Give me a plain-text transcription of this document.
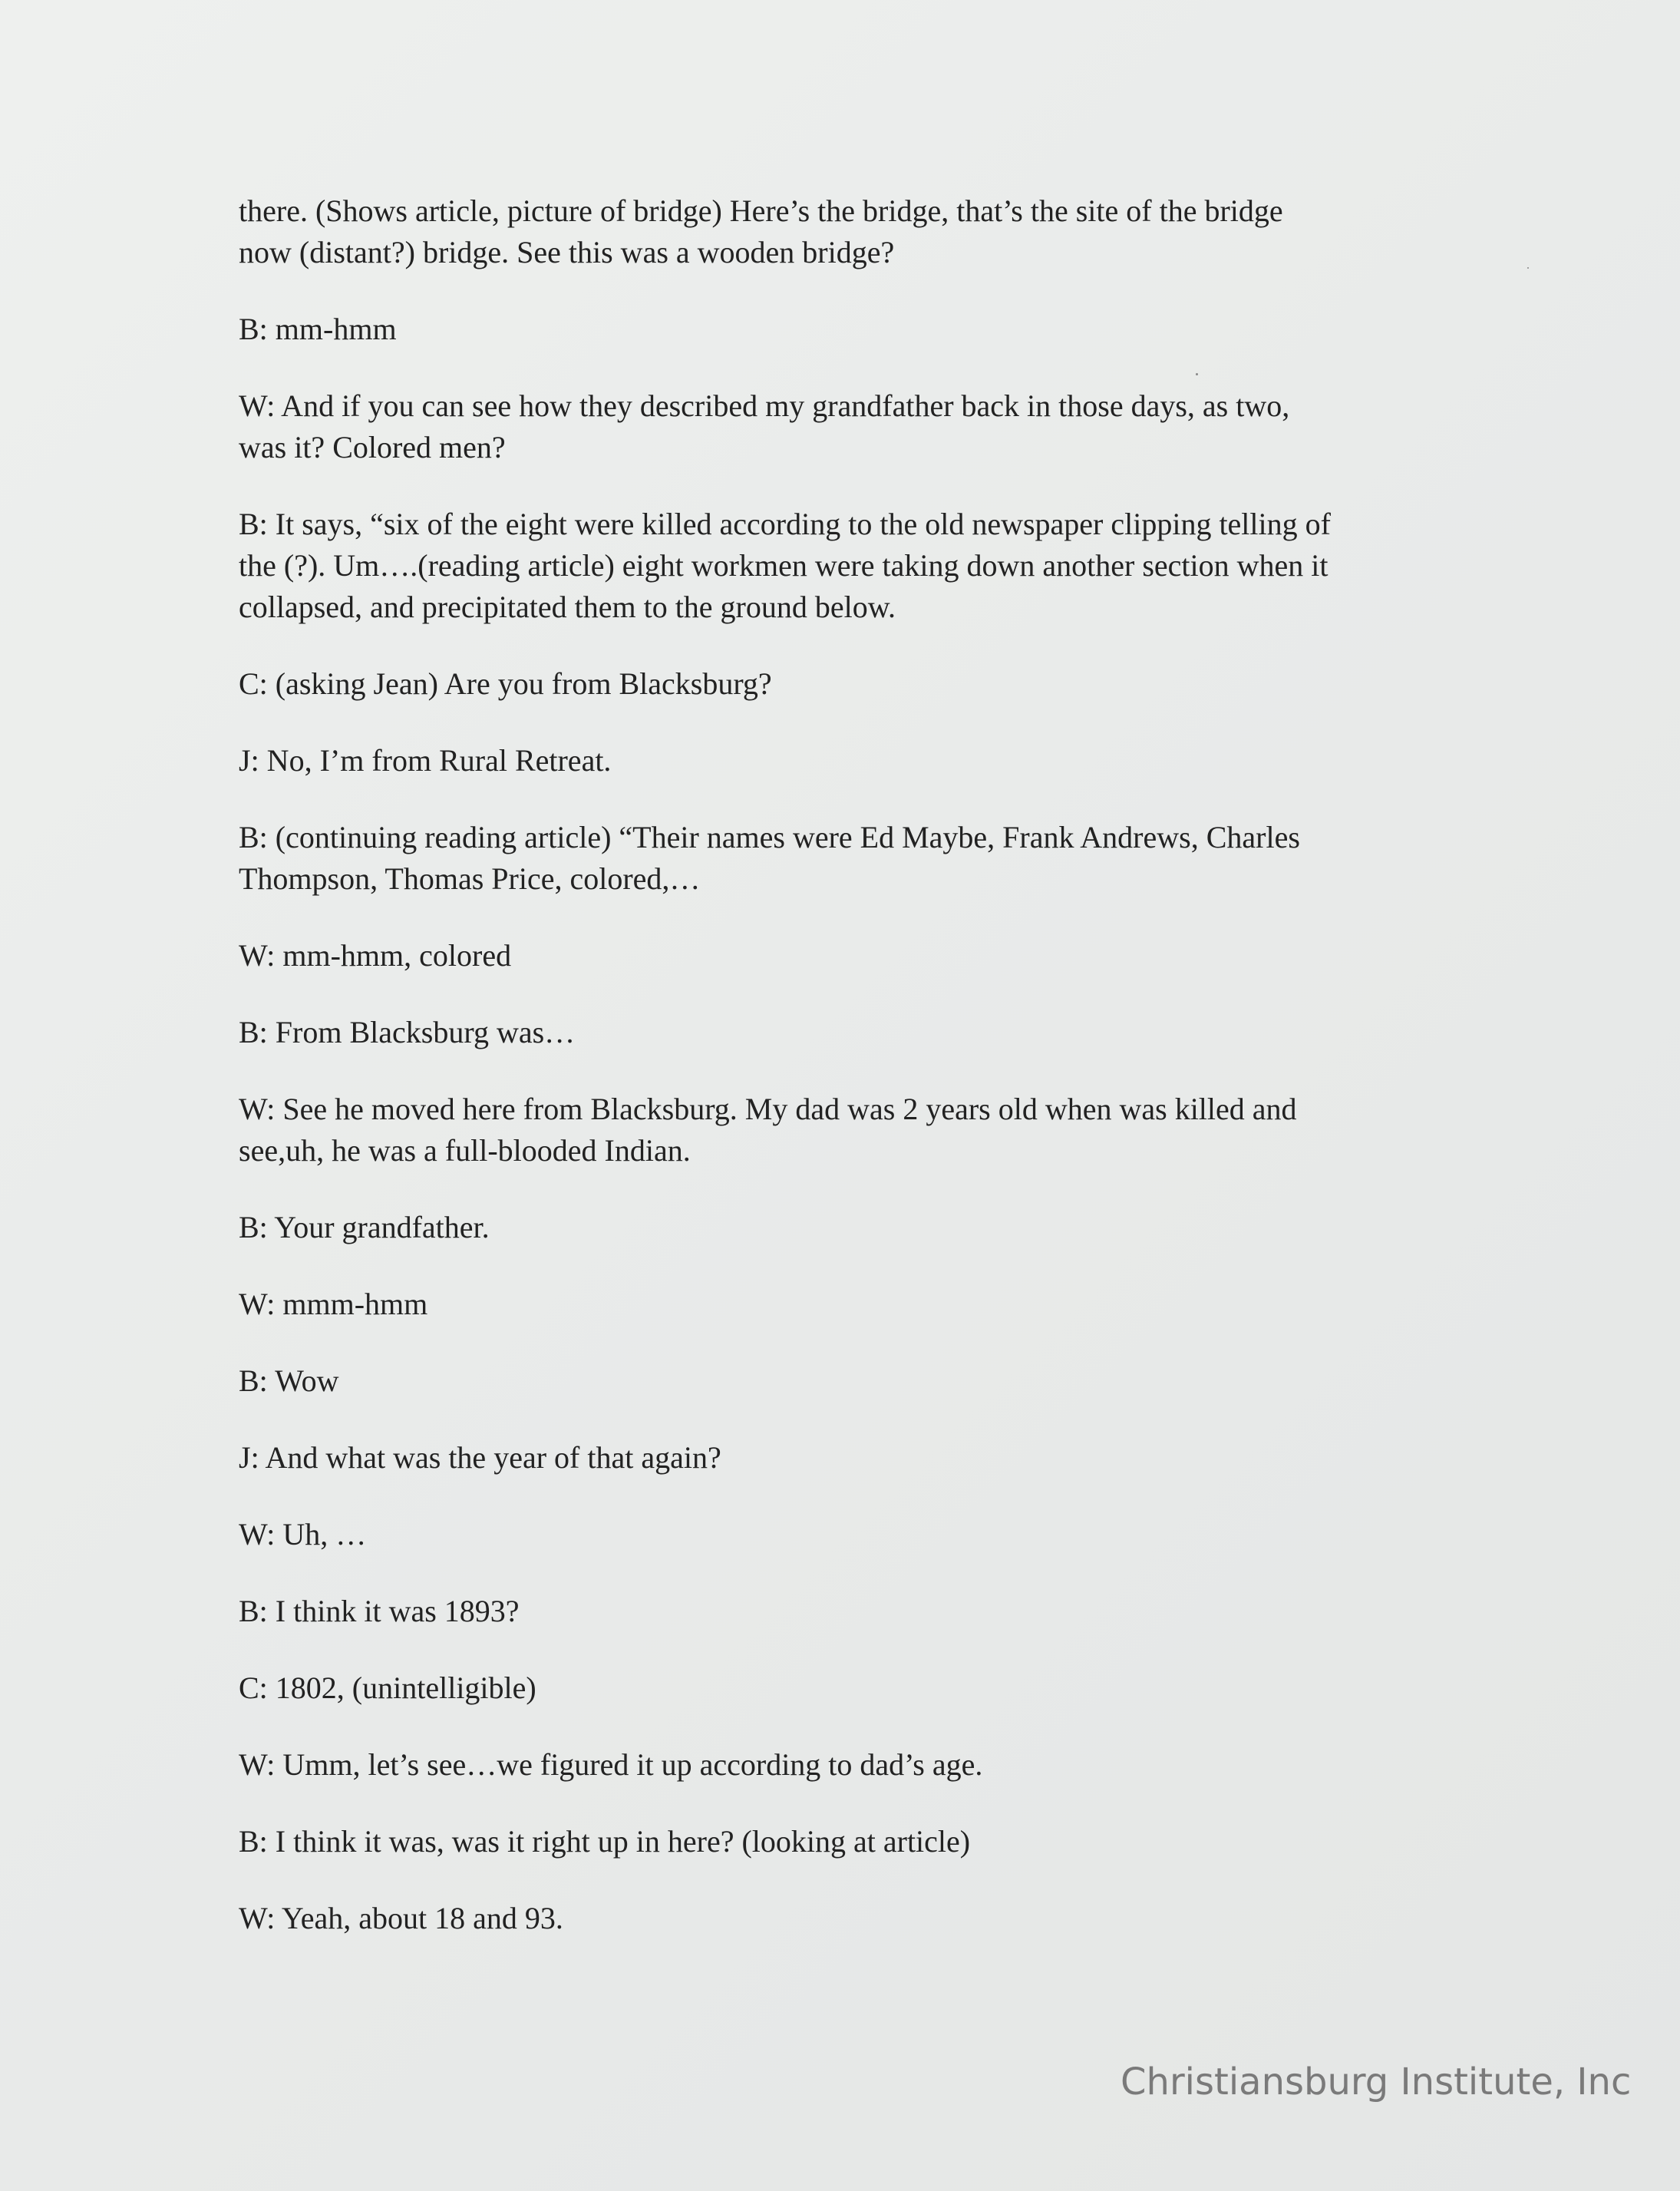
there. (Shows article, picture of bridge) Here’s the bridge, that’s the site of the bridge
now (distant?) bridge. See this was a wooden bridge?

B: mm-hmm

W: And if you can see how they described my grandfather back in those days, as two,
was it? Colored men?

B: It says, “six of the eight were killed according to the old newspaper clipping telling of
the (?). Um….(reading article) eight workmen were taking down another section when it
collapsed, and precipitated them to the ground below.

C: (asking Jean) Are you from Blacksburg?

J: No, I’m from Rural Retreat.

B: (continuing reading article) “Their names were Ed Maybe, Frank Andrews, Charles
Thompson, Thomas Price, colored,…

W: mm-hmm, colored

B: From Blacksburg was…

W: See he moved here from Blacksburg. My dad was 2 years old when was killed and
see,uh, he was a full-blooded Indian.

B: Your grandfather.

W: mmm-hmm

B: Wow

J: And what was the year of that again?

W: Uh, …

B: I think it was 1893?

C: 1802, (unintelligible)

W: Umm, let’s see…we figured it up according to dad’s age.

B: I think it was, was it right up in here? (looking at article)

W: Yeah, about 18 and 93.

Christiansburg Institute, Inc
